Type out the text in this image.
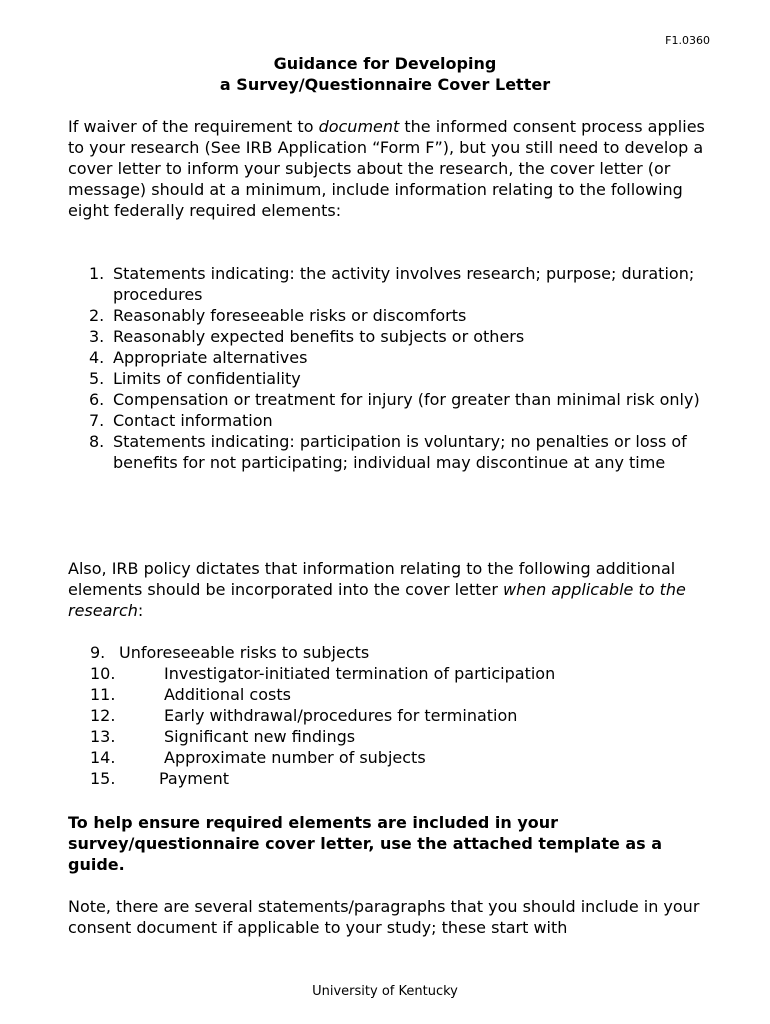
F1.0360

Guidance for Developing
a Survey/Questionnaire Cover Letter

If waiver of the requirement to document the informed consent process applies to your research (See IRB Application “Form F”), but you still need to develop a cover letter to inform your subjects about the research, the cover letter (or message) should at a minimum, include information relating to the following eight federally required elements:

1. Statements indicating: the activity involves research; purpose; duration; procedures
2. Reasonably foreseeable risks or discomforts
3. Reasonably expected benefits to subjects or others
4. Appropriate alternatives
5. Limits of confidentiality
6. Compensation or treatment for injury (for greater than minimal risk only)
7. Contact information
8. Statements indicating: participation is voluntary; no penalties or loss of benefits for not participating; individual may discontinue at any time

Also, IRB policy dictates that information relating to the following additional elements should be incorporated into the cover letter when applicable to the research:

9. Unforeseeable risks to subjects
10.	Investigator-initiated termination of participation
11.	Additional costs
12.	Early withdrawal/procedures for termination
13.	Significant new findings
14.	Approximate number of subjects
15.	Payment

To help ensure required elements are included in your survey/questionnaire cover letter, use the attached template as a guide.

Note, there are several statements/paragraphs that you should include in your consent document if applicable to your study; these start with

University of Kentucky
